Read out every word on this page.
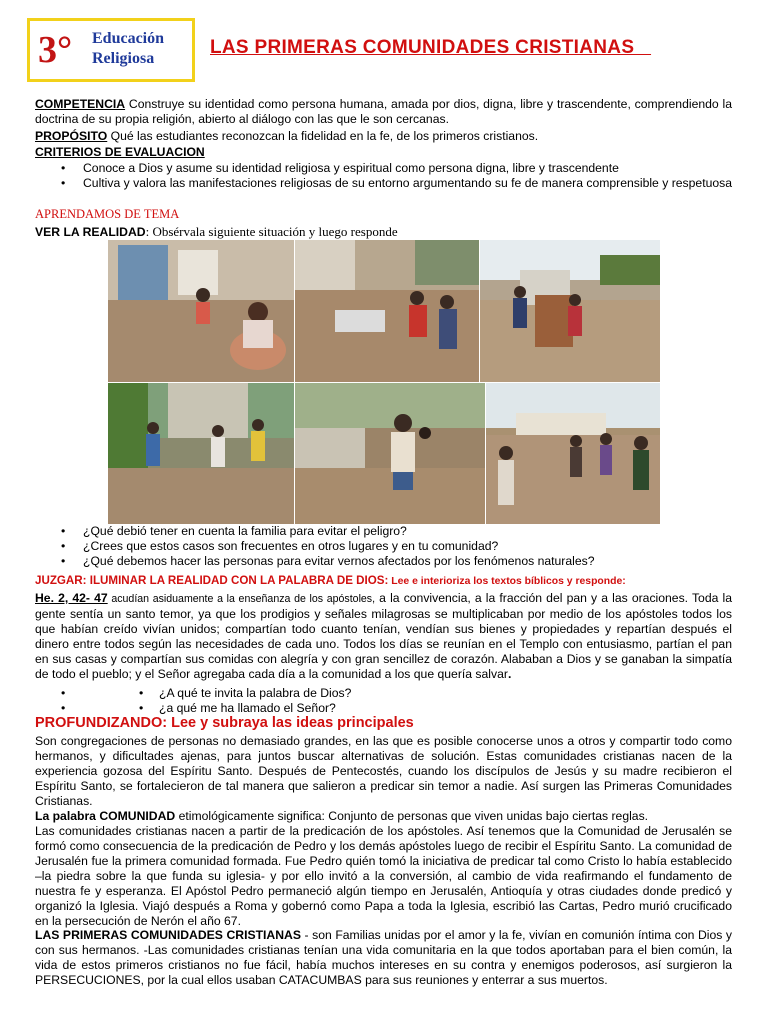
3° Educación
Religiosa
LAS PRIMERAS COMUNIDADES CRISTIANAS
COMPETENCIA Construye su identidad como persona humana, amada por dios, digna, libre y trascendente, comprendiendo la doctrina de su propia religión, abierto al diálogo con las que le son cercanas.
PROPÓSITO Qué las estudiantes reconozcan la fidelidad en la fe, de los primeros cristianos.
CRITERIOS DE EVALUACION
• Conoce a Dios y asume su identidad religiosa y espiritual como persona digna, libre y trascendente
• Cultiva y valora las manifestaciones religiosas de su entorno argumentando su fe de manera comprensible y respetuosa
APRENDAMOS DE TEMA
VER LA REALIDAD: Obsérvala siguiente situación y luego responde
• ¿Qué debió tener en cuenta la familia para evitar el peligro?
• ¿Crees que estos casos son frecuentes en otros lugares y en tu comunidad?
• ¿Qué debemos hacer las personas para evitar vernos afectados por los fenómenos naturales?
JUZGAR: ILUMINAR LA REALIDAD CON LA PALABRA DE DIOS: Lee e interioriza los textos bíblicos y responde:
He. 2, 42- 47 acudían asiduamente a la enseñanza de los apóstoles, a la convivencia, a la fracción del pan y a las oraciones. Toda la gente sentía un santo temor, ya que los prodigios y señales milagrosas se multiplicaban por medio de los apóstoles todos los que habían creído vivían unidos; compartían todo cuanto tenían, vendían sus bienes y propiedades y repartían después el dinero entre todos según las necesidades de cada uno. Todos los días se reunían en el Templo con entusiasmo, partían el pan en sus casas y compartían sus comidas con alegría y con gran sencillez de corazón. Alababan a Dios y se ganaban la simpatía de todo el pueblo; y el Señor agregaba cada día a la comunidad a los que quería salvar.
• • ¿A qué te invita la palabra de Dios?
• • ¿a qué me ha llamado el Señor?
PROFUNDIZANDO: Lee y subraya las ideas principales
Son congregaciones de personas no demasiado grandes, en las que es posible conocerse unos a otros y compartir todo como hermanos, y dificultades ajenas, para juntos buscar alternativas de solución. Estas comunidades cristianas nacen de la experiencia gozosa del Espíritu Santo. Después de Pentecostés, cuando los discípulos de Jesús y su madre recibieron el Espíritu Santo, se fortalecieron de tal manera que salieron a predicar sin temor a nadie. Así surgen las Primeras Comunidades Cristianas.
La palabra COMUNIDAD etimológicamente significa: Conjunto de personas que viven unidas bajo ciertas reglas.
Las comunidades cristianas nacen a partir de la predicación de los apóstoles. Así tenemos que la Comunidad de Jerusalén se formó como consecuencia de la predicación de Pedro y los demás apóstoles luego de recibir el Espíritu Santo. La comunidad de Jerusalén fue la primera comunidad formada. Fue Pedro quién tomó la iniciativa de predicar tal como Cristo lo había establecido –la piedra sobre la que funda su iglesia- y por ello invitó a la conversión, al cambio de vida reafirmando el fundamento de nuestra fe y esperanza. El Apóstol Pedro permaneció algún tiempo en Jerusalén, Antioquía y otras ciudades donde predicó y organizó la Iglesia. Viajó después a Roma y gobernó como Papa a toda la Iglesia, escribió las Cartas, Pedro murió crucificado en la persecución de Nerón el año 67.
LAS PRIMERAS COMUNIDADES CRISTIANAS - son Familias unidas por el amor y la fe, vivían en comunión íntima con Dios y con sus hermanos. -Las comunidades cristianas tenían una vida comunitaria en la que todos aportaban para el bien común, la vida de estos primeros cristianos no fue fácil, había muchos intereses en su contra y enemigos poderosos, así surgieron la PERSECUCIONES, por la cual ellos usaban CATACUMBAS para sus reuniones y enterrar a sus muertos.
